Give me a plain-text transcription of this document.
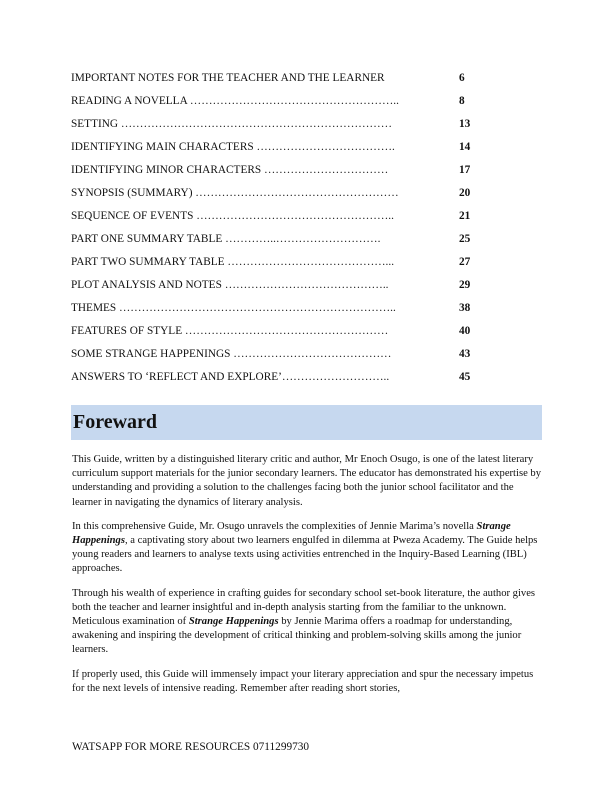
IMPORTANT NOTES FOR THE TEACHER AND THE LEARNER	6
READING A NOVELLA ………………………………………………..	8
SETTING ………………………………………………………………	13
IDENTIFYING MAIN CHARACTERS ……………………………….	14
IDENTIFYING MINOR CHARACTERS ……………………………	17
SYNOPSIS (SUMMARY) ………………………………………………	20
SEQUENCE OF EVENTS ……………………………………………..	21
PART ONE SUMMARY TABLE …………..……………………….	25
PART TWO SUMMARY TABLE ……………………………………...	27
PLOT ANALYSIS AND NOTES ……………………………………..	29
THEMES ………………………………………………………………..	38
FEATURES OF STYLE ………………………………………………	40
SOME STRANGE HAPPENINGS ……………………………………	43
ANSWERS TO ‘REFLECT AND EXPLORE’………………………..	45
Foreward

This Guide, written by a distinguished literary critic and author, Mr Enoch Osugo, is one of the latest literary curriculum support materials for the junior secondary learners. The educator has demonstrated his expertise by understanding and providing a solution to the challenges facing both the junior school facilitator and the learner in navigating the dynamics of literary analysis.

In this comprehensive Guide, Mr. Osugo unravels the complexities of Jennie Marima’s novella Strange Happenings, a captivating story about two learners engulfed in dilemma at Pweza Academy. The Guide helps young readers and learners to analyse texts using activities entrenched in the Inquiry-Based Learning (IBL) approaches.

Through his wealth of experience in crafting guides for secondary school set-book literature, the author gives both the teacher and learner insightful and in-depth analysis starting from the familiar to the unknown. Meticulous examination of Strange Happenings by Jennie Marima offers a roadmap for understanding, awakening and inspiring the development of critical thinking and problem-solving skills among the junior learners.

If properly used, this Guide will immensely impact your literary appreciation and spur the necessary impetus for the next levels of intensive reading. Remember after reading short stories,

WATSAPP FOR MORE RESOURCES 0711299730
